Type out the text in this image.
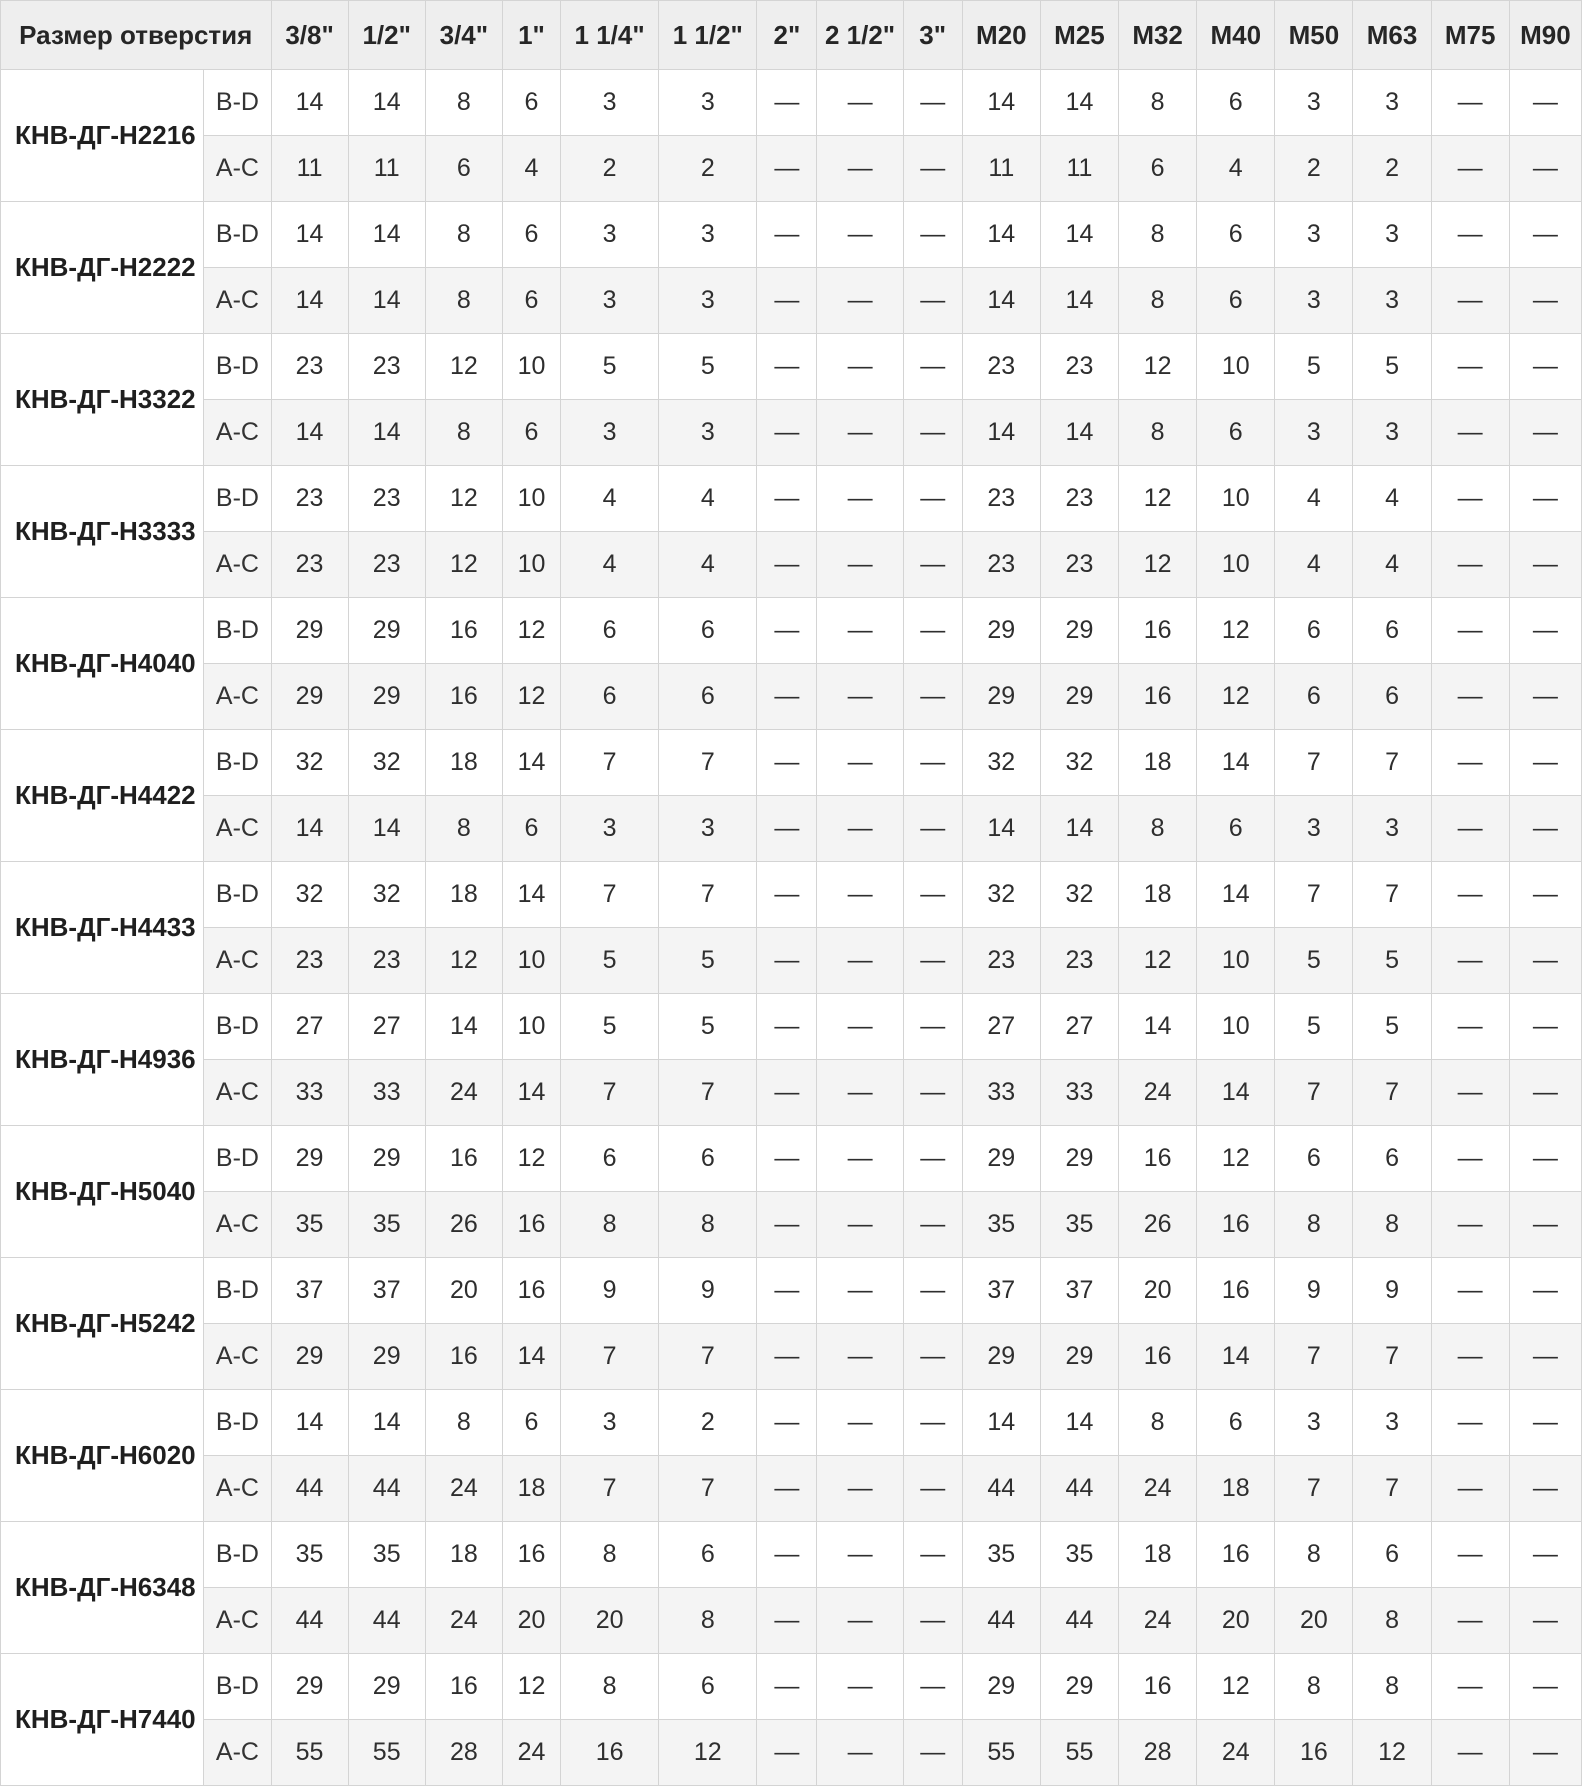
Размер отверстия		3/8"	1/2"	3/4"	1"	1 1/4"	1 1/2"	2"	2 1/2"	3"	M20	M25	M32	M40	M50	M63	M75	M90
КНВ-ДГ-Н2216	B-D	14	14	8	6	3	3	—	—	—	14	14	8	6	3	3	—	—
	A-C	11	11	6	4	2	2	—	—	—	11	11	6	4	2	2	—	—
КНВ-ДГ-Н2222	B-D	14	14	8	6	3	3	—	—	—	14	14	8	6	3	3	—	—
	A-C	14	14	8	6	3	3	—	—	—	14	14	8	6	3	3	—	—
КНВ-ДГ-Н3322	B-D	23	23	12	10	5	5	—	—	—	23	23	12	10	5	5	—	—
	A-C	14	14	8	6	3	3	—	—	—	14	14	8	6	3	3	—	—
КНВ-ДГ-Н3333	B-D	23	23	12	10	4	4	—	—	—	23	23	12	10	4	4	—	—
	A-C	23	23	12	10	4	4	—	—	—	23	23	12	10	4	4	—	—
КНВ-ДГ-Н4040	B-D	29	29	16	12	6	6	—	—	—	29	29	16	12	6	6	—	—
	A-C	29	29	16	12	6	6	—	—	—	29	29	16	12	6	6	—	—
КНВ-ДГ-Н4422	B-D	32	32	18	14	7	7	—	—	—	32	32	18	14	7	7	—	—
	A-C	14	14	8	6	3	3	—	—	—	14	14	8	6	3	3	—	—
КНВ-ДГ-Н4433	B-D	32	32	18	14	7	7	—	—	—	32	32	18	14	7	7	—	—
	A-C	23	23	12	10	5	5	—	—	—	23	23	12	10	5	5	—	—
КНВ-ДГ-Н4936	B-D	27	27	14	10	5	5	—	—	—	27	27	14	10	5	5	—	—
	A-C	33	33	24	14	7	7	—	—	—	33	33	24	14	7	7	—	—
КНВ-ДГ-Н5040	B-D	29	29	16	12	6	6	—	—	—	29	29	16	12	6	6	—	—
	A-C	35	35	26	16	8	8	—	—	—	35	35	26	16	8	8	—	—
КНВ-ДГ-Н5242	B-D	37	37	20	16	9	9	—	—	—	37	37	20	16	9	9	—	—
	A-C	29	29	16	14	7	7	—	—	—	29	29	16	14	7	7	—	—
КНВ-ДГ-Н6020	B-D	14	14	8	6	3	2	—	—	—	14	14	8	6	3	3	—	—
	A-C	44	44	24	18	7	7	—	—	—	44	44	24	18	7	7	—	—
КНВ-ДГ-Н6348	B-D	35	35	18	16	8	6	—	—	—	35	35	18	16	8	6	—	—
	A-C	44	44	24	20	20	8	—	—	—	44	44	24	20	20	8	—	—
КНВ-ДГ-Н7440	B-D	29	29	16	12	8	6	—	—	—	29	29	16	12	8	8	—	—
	A-C	55	55	28	24	16	12	—	—	—	55	55	28	24	16	12	—	—
